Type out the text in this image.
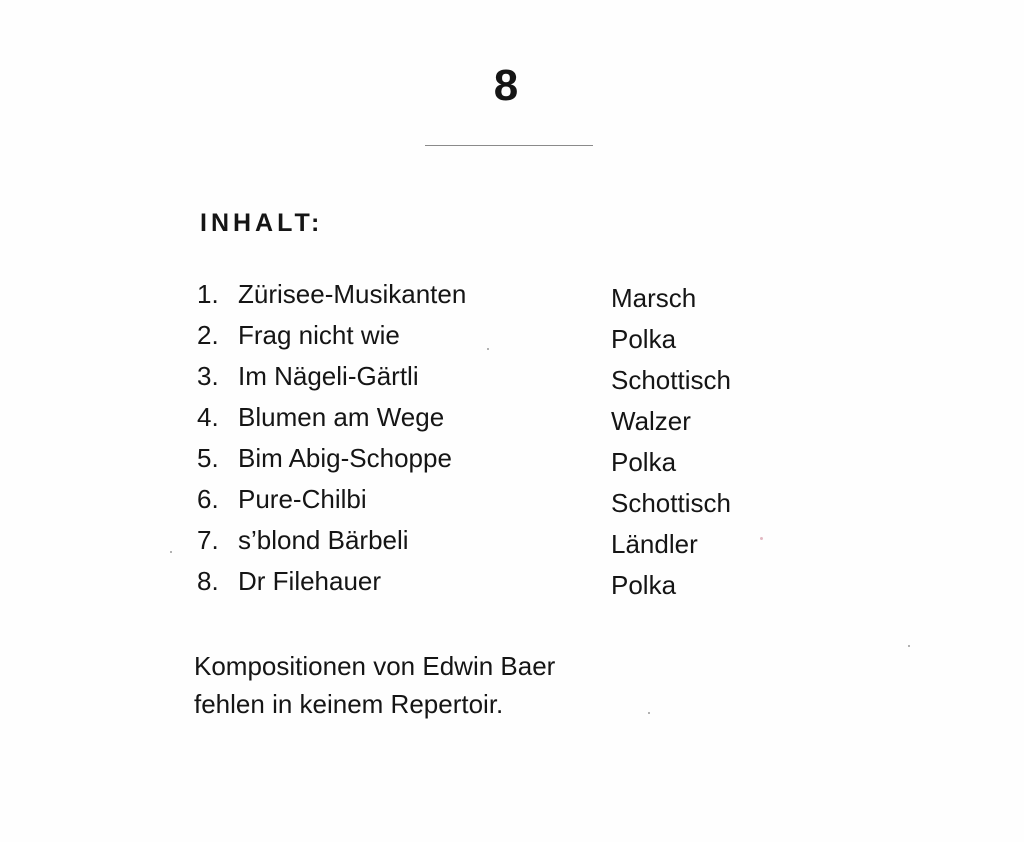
8
INHALT:
1. Zürisee-Musikanten	Marsch
2. Frag nicht wie	Polka
3. Im Nägeli-Gärtli	Schottisch
4. Blumen am Wege	Walzer
5. Bim Abig-Schoppe	Polka
6. Pure-Chilbi	Schottisch
7. s’blond Bärbeli	Ländler
8. Dr Filehauer	Polka
Kompositionen von Edwin Baer
fehlen in keinem Repertoir.
